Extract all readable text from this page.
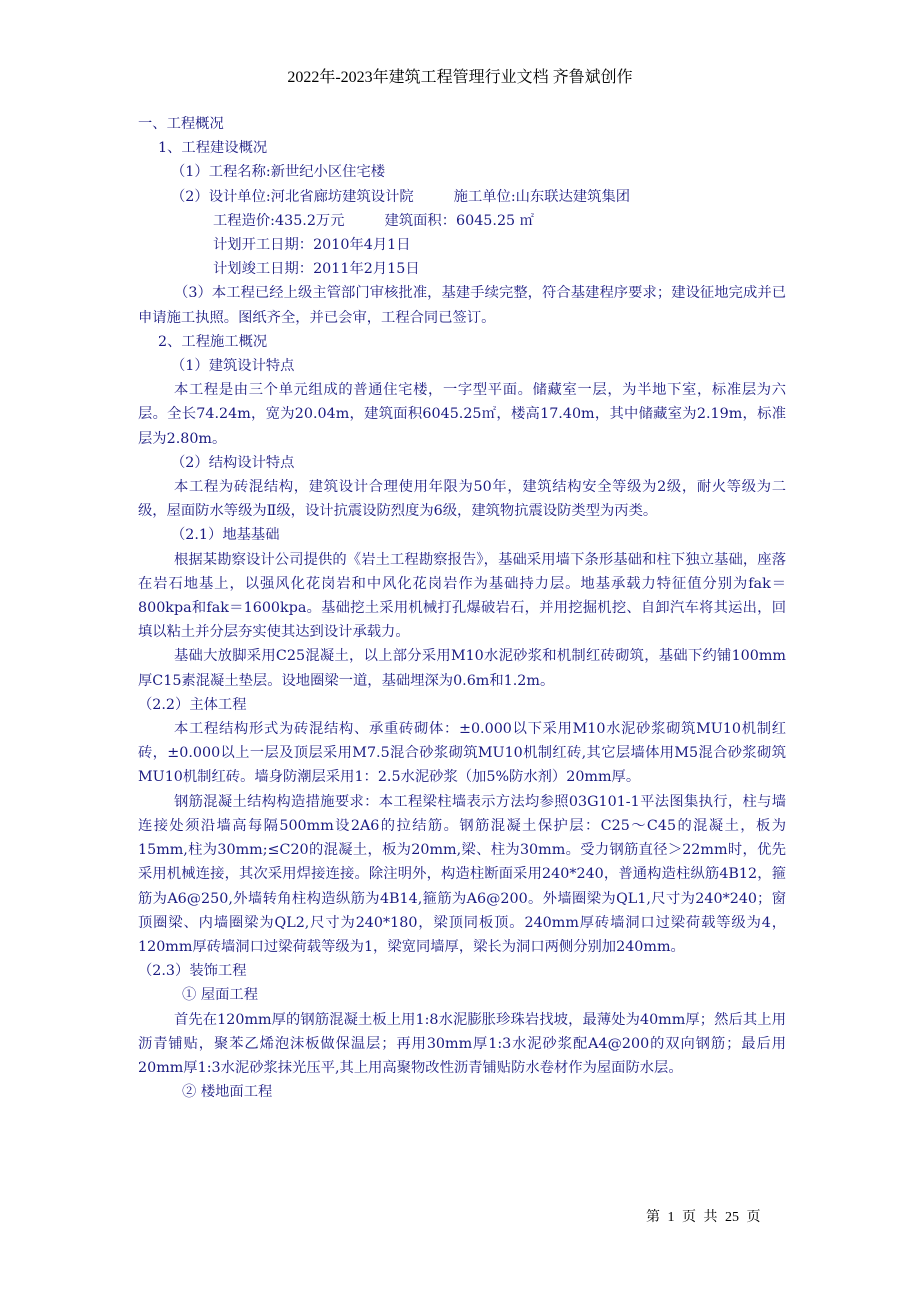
2022年-2023年建筑工程管理行业文档 齐鲁斌创作

一、工程概况

1、工程建设概况

（1）工程名称:新世纪小区住宅楼

（2）设计单位:河北省廊坊建筑设计院	施工单位:山东联达建筑集团

工程造价:435.2万元	建筑面积：6045.25 ㎡

计划开工日期：2010年4月1日

计划竣工日期：2011年2月15日

（3）本工程已经上级主管部门审核批准，基建手续完整，符合基建程序要求；建设征地完成并已申请施工执照。图纸齐全，并已会审，工程合同已签订。

2、工程施工概况

（1）建筑设计特点

本工程是由三个单元组成的普通住宅楼，一字型平面。储藏室一层，为半地下室，标准层为六层。全长74.24m，宽为20.04m，建筑面积6045.25㎡，楼高17.40m，其中储藏室为2.19m，标准层为2.80m。

（2）结构设计特点

本工程为砖混结构，建筑设计合理使用年限为50年，建筑结构安全等级为2级，耐火等级为二级，屋面防水等级为Ⅱ级，设计抗震设防烈度为6级，建筑物抗震设防类型为丙类。

（2.1）地基基础

根据某勘察设计公司提供的《岩土工程勘察报告》，基础采用墙下条形基础和柱下独立基础，座落在岩石地基上，以强风化花岗岩和中风化花岗岩作为基础持力层。地基承载力特征值分别为fak＝800kpa和fak＝1600kpa。基础挖土采用机械打孔爆破岩石，并用挖掘机挖、自卸汽车将其运出，回填以粘土并分层夯实使其达到设计承载力。

基础大放脚采用C25混凝土，以上部分采用M10水泥砂浆和机制红砖砌筑，基础下约铺100mm厚C15素混凝土垫层。设地圈梁一道，基础埋深为0.6m和1.2m。

（2.2）主体工程

本工程结构形式为砖混结构、承重砖砌体：±0.000以下采用M10水泥砂浆砌筑MU10机制红砖，±0.000以上一层及顶层采用M7.5混合砂浆砌筑MU10机制红砖,其它层墙体用M5混合砂浆砌筑MU10机制红砖。墙身防潮层采用1：2.5水泥砂浆（加5%防水剂）20mm厚。

钢筋混凝土结构构造措施要求：本工程梁柱墙表示方法均参照03G101-1平法图集执行，柱与墙连接处须沿墙高每隔500mm设2A6的拉结筋。钢筋混凝土保护层：C25～C45的混凝土，板为15mm,柱为30mm;≤C20的混凝土，板为20mm,梁、柱为30mm。受力钢筋直径＞22mm时，优先采用机械连接，其次采用焊接连接。除注明外，构造柱断面采用240*240，普通构造柱纵筋4B12，箍筋为A6@250,外墙转角柱构造纵筋为4B14,箍筋为A6@200。外墙圈梁为QL1,尺寸为240*240；窗顶圈梁、内墙圈梁为QL2,尺寸为240*180，梁顶同板顶。240mm厚砖墙洞口过梁荷载等级为4，120mm厚砖墙洞口过梁荷载等级为1，梁宽同墙厚，梁长为洞口两侧分别加240mm。

（2.3）装饰工程

① 屋面工程

首先在120mm厚的钢筋混凝土板上用1:8水泥膨胀珍珠岩找坡，最薄处为40mm厚；然后其上用沥青铺贴，聚苯乙烯泡沫板做保温层；再用30mm厚1:3水泥砂浆配A4@200的双向钢筋；最后用20mm厚1:3水泥砂浆抹光压平,其上用高聚物改性沥青铺贴防水卷材作为屋面防水层。

② 楼地面工程

第 1 页 共 25 页
